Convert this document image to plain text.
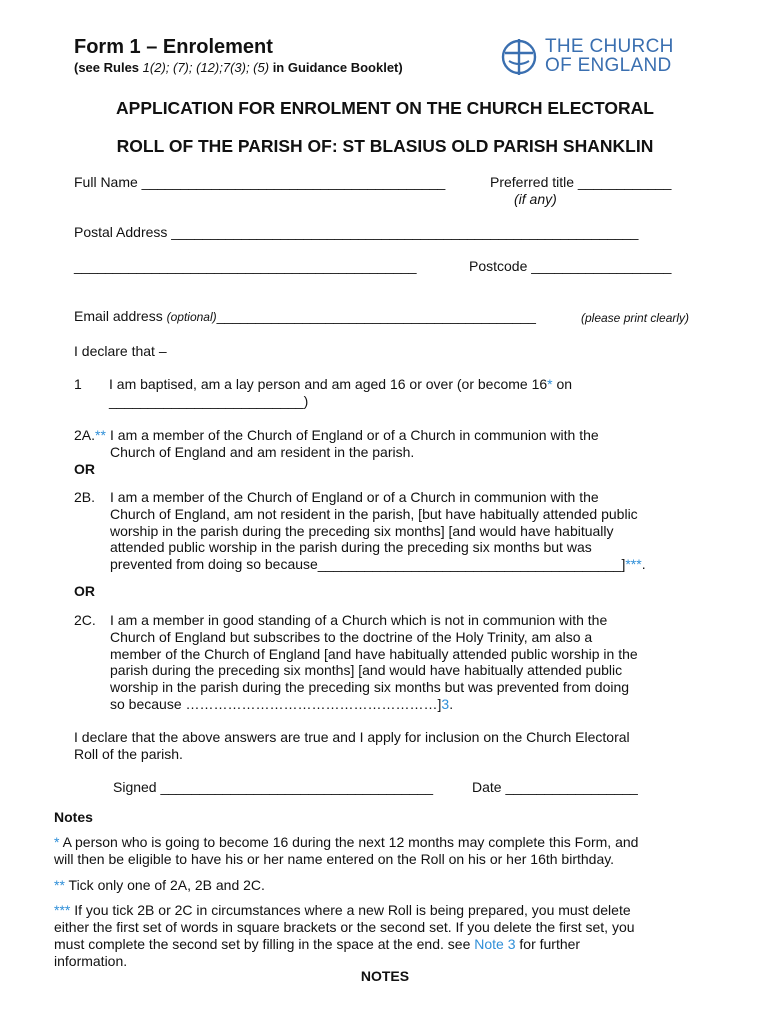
Form 1 – Enrolement
(see Rules 1(2); (7); (12);7(3); (5) in Guidance Booklet)
THE CHURCH
OF ENGLAND
APPLICATION FOR ENROLMENT ON THE CHURCH ELECTORAL
ROLL OF THE PARISH OF: ST BLASIUS OLD PARISH SHANKLIN
Full Name _______________________________________	Preferred title ____________
(if any)
Postal Address ____________________________________________________________
____________________________________________	Postcode __________________
Email address (optional)_________________________________________	(please print clearly)
I declare that –
1 I am baptised, am a lay person and am aged 16 or over (or become 16* on
_________________________)
2A.** I am a member of the Church of England or of a Church in communion with the
Church of England and am resident in the parish.
OR
2B. I am a member of the Church of England or of a Church in communion with the
Church of England, am not resident in the parish, [but have habitually attended public
worship in the parish during the preceding six months] [and would have habitually
attended public worship in the parish during the preceding six months but was
prevented from doing so because_______________________________________]***.
OR
2C. I am a member in good standing of a Church which is not in communion with the
Church of England but subscribes to the doctrine of the Holy Trinity, am also a
member of the Church of England [and have habitually attended public worship in the
parish during the preceding six months] [and would have habitually attended public
worship in the parish during the preceding six months but was prevented from doing
so because ………………………………………………]3.
I declare that the above answers are true and I apply for inclusion on the Church Electoral
Roll of the parish.
Signed ___________________________________	Date _________________
Notes
* A person who is going to become 16 during the next 12 months may complete this Form, and
will then be eligible to have his or her name entered on the Roll on his or her 16th birthday.
** Tick only one of 2A, 2B and 2C.
*** If you tick 2B or 2C in circumstances where a new Roll is being prepared, you must delete
either the first set of words in square brackets or the second set. If you delete the first set, you
must complete the second set by filling in the space at the end. see Note 3 for further
information.
NOTES
